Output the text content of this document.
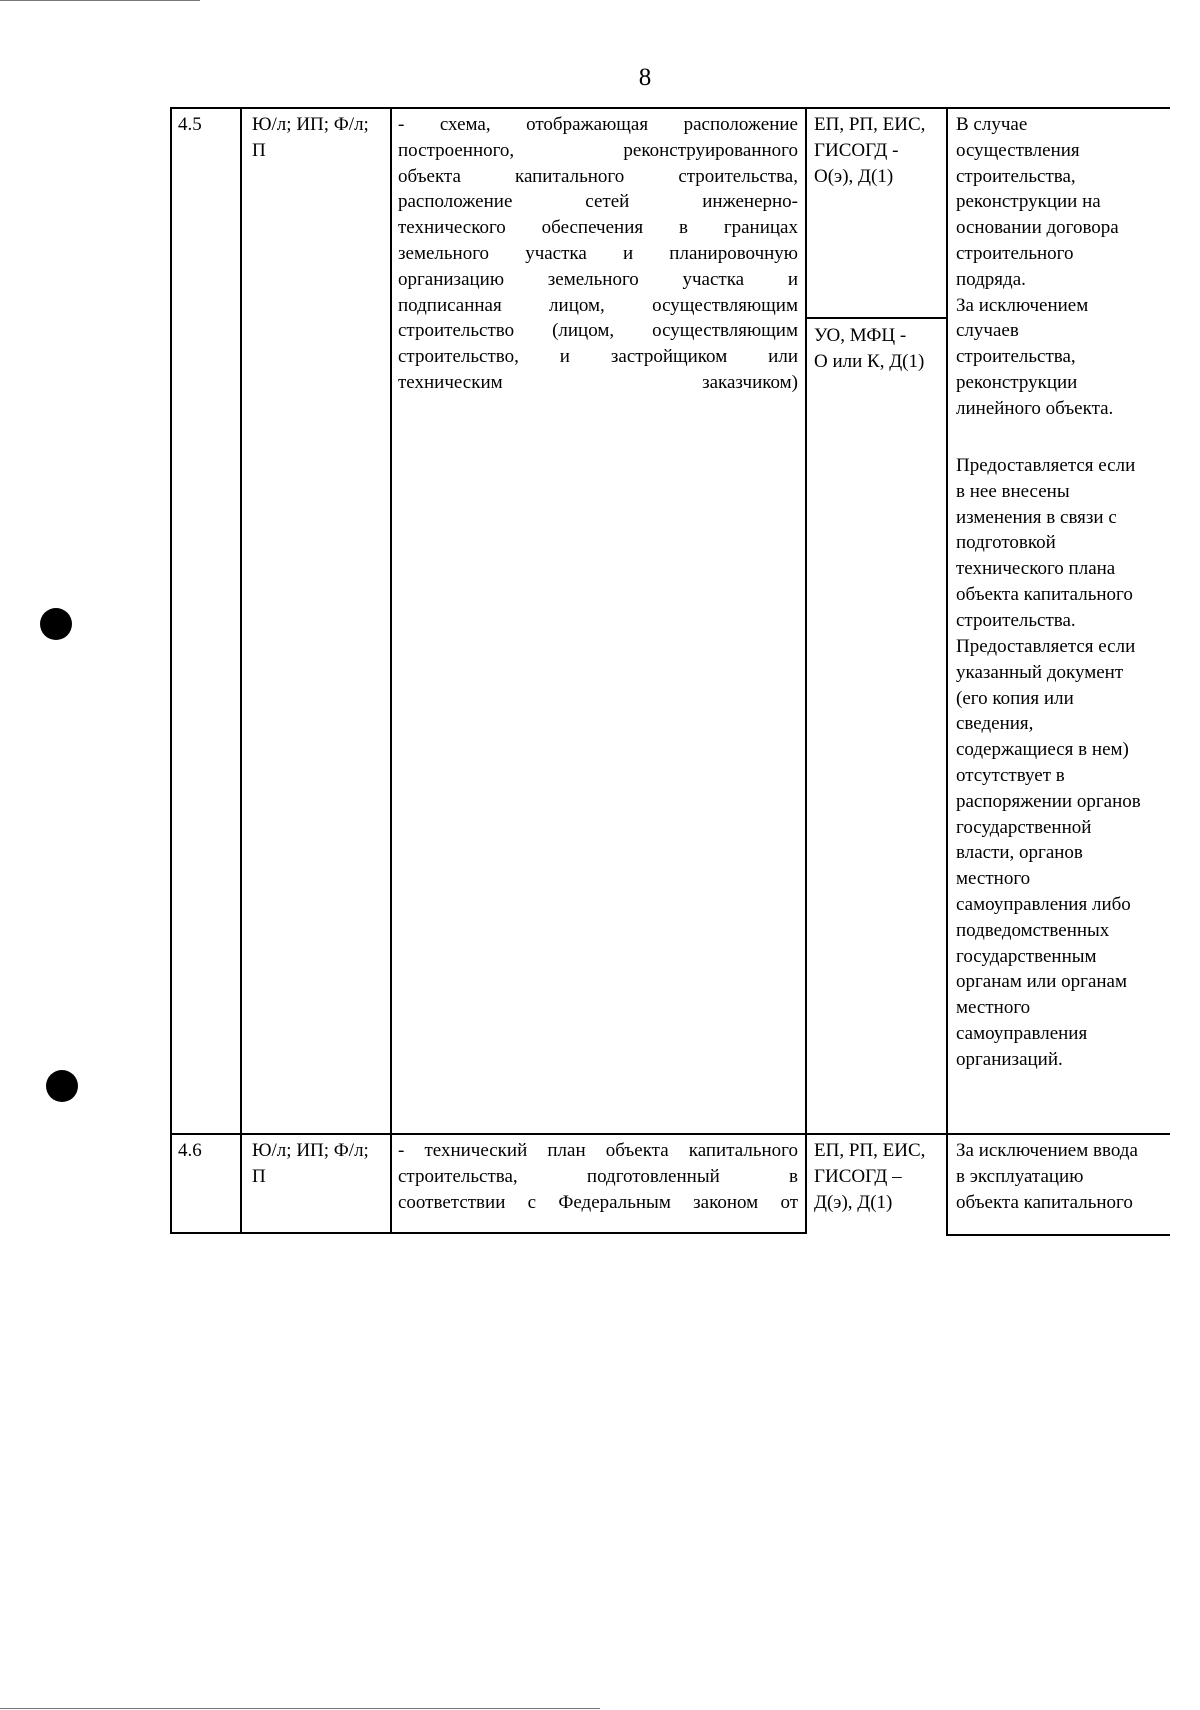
8
4.5	Ю/л; ИП; Ф/л;
П
- схема, отображающая расположение
построенного, реконструированного
объекта капитального строительства,
расположение сетей инженерно-
технического обеспечения в границах
земельного участка и планировочную
организацию земельного участка и
подписанная лицом, осуществляющим
строительство (лицом, осуществляющим
строительство, и застройщиком или
техническим заказчиком)
ЕП, РП, ЕИС,
ГИСОГД -
О(э), Д(1)
УО, МФЦ -
О или К, Д(1)
В случае
осуществления
строительства,
реконструкции на
основании договора
строительного
подряда.
За исключением
случаев
строительства,
реконструкции
линейного объекта.
Предоставляется если
в нее внесены
изменения в связи с
подготовкой
технического плана
объекта капитального
строительства.
Предоставляется если
указанный документ
(его копия или
сведения,
содержащиеся в нем)
отсутствует в
распоряжении органов
государственной
власти, органов
местного
самоуправления либо
подведомственных
государственным
органам или органам
местного
самоуправления
организаций.
4.6	Ю/л; ИП; Ф/л;
П
- технический план объекта капитального
строительства, подготовленный в
соответствии с Федеральным законом от
ЕП, РП, ЕИС,
ГИСОГД –
Д(э), Д(1)
За исключением ввода
в эксплуатацию
объекта капитального
